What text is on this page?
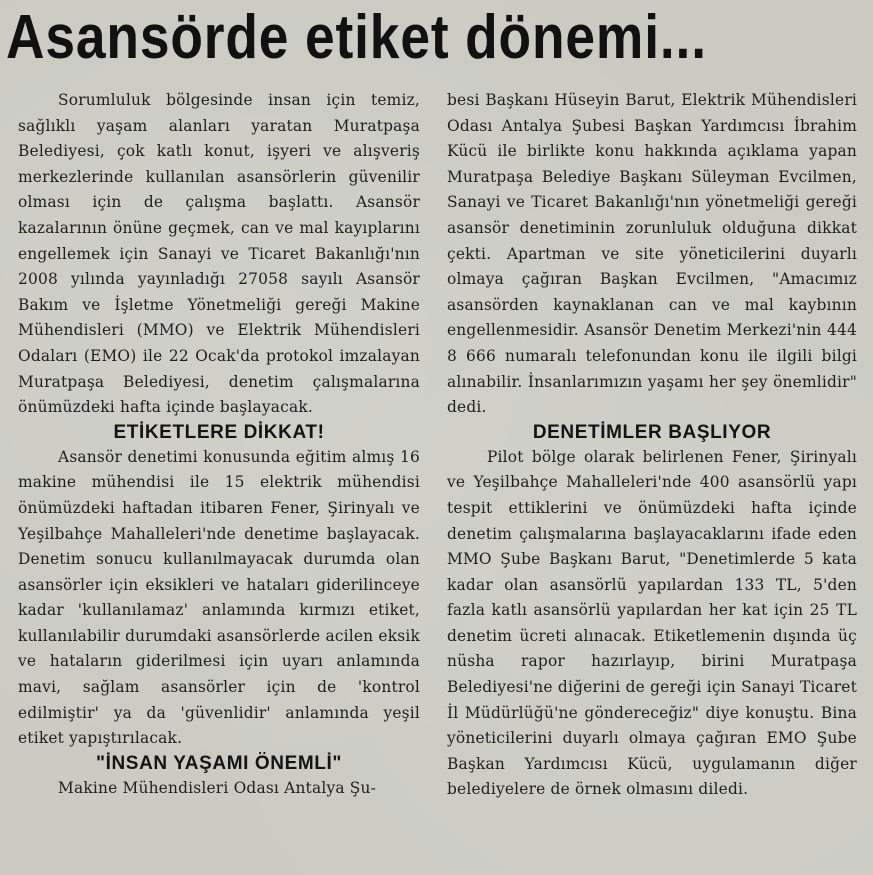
Asansörde etiket dönemi...

Sorumluluk bölgesinde insan için temiz, sağlıklı yaşam alanları yaratan Muratpaşa Belediyesi, çok katlı konut, işyeri ve alışveriş merkezlerinde kullanılan asansörlerin güvenilir olması için de çalışma başlattı. Asansör kazalarının önüne geçmek, can ve mal kayıplarını engellemek için Sanayi ve Ticaret Bakanlığı'nın 2008 yılında yayınladığı 27058 sayılı Asansör Bakım ve İşletme Yönetmeliği gereği Makine Mühendisleri (MMO) ve Elektrik Mühendisleri Odaları (EMO) ile 22 Ocak'da protokol imzalayan Muratpaşa Belediyesi, denetim çalışmalarına önümüzdeki hafta içinde başlayacak.

ETİKETLERE DİKKAT!

Asansör denetimi konusunda eğitim almış 16 makine mühendisi ile 15 elektrik mühendisi önümüzdeki haftadan itibaren Fener, Şirinyalı ve Yeşilbahçe Mahalleleri'nde denetime başlayacak. Denetim sonucu kullanılmayacak durumda olan asansörler için eksikleri ve hataları giderilinceye kadar 'kullanılamaz' anlamında kırmızı etiket, kullanılabilir durumdaki asansörlerde acilen eksik ve hataların giderilmesi için uyarı anlamında mavi, sağlam asansörler için de 'kontrol edilmiştir' ya da 'güvenlidir' anlamında yeşil etiket yapıştırılacak.

"İNSAN YAŞAMI ÖNEMLİ"

Makine Mühendisleri Odası Antalya Şu-

besi Başkanı Hüseyin Barut, Elektrik Mühendisleri Odası Antalya Şubesi Başkan Yardımcısı İbrahim Kücü ile birlikte konu hakkında açıklama yapan Muratpaşa Belediye Başkanı Süleyman Evcilmen, Sanayi ve Ticaret Bakanlığı'nın yönetmeliği gereği asansör denetiminin zorunluluk olduğuna dikkat çekti. Apartman ve site yöneticilerini duyarlı olmaya çağıran Başkan Evcilmen, "Amacımız asansörden kaynaklanan can ve mal kaybının engellenmesidir. Asansör Denetim Merkezi'nin 444 8 666 numaralı telefonundan konu ile ilgili bilgi alınabilir. İnsanlarımızın yaşamı her şey önemlidir" dedi.

DENETİMLER BAŞLIYOR

Pilot bölge olarak belirlenen Fener, Şirinyalı ve Yeşilbahçe Mahalleleri'nde 400 asansörlü yapı tespit ettiklerini ve önümüzdeki hafta içinde denetim çalışmalarına başlayacaklarını ifade eden MMO Şube Başkanı Barut, "Denetimlerde 5 kata kadar olan asansörlü yapılardan 133 TL, 5'den fazla katlı asansörlü yapılardan her kat için 25 TL denetim ücreti alınacak. Etiketlemenin dışında üç nüsha rapor hazırlayıp, birini Muratpaşa Belediyesi'ne diğerini de gereği için Sanayi Ticaret İl Müdürlüğü'ne göndereceğiz" diye konuştu. Bina yöneticilerini duyarlı olmaya çağıran EMO Şube Başkan Yardımcısı Kücü, uygulamanın diğer belediyelere de örnek olmasını diledi.
